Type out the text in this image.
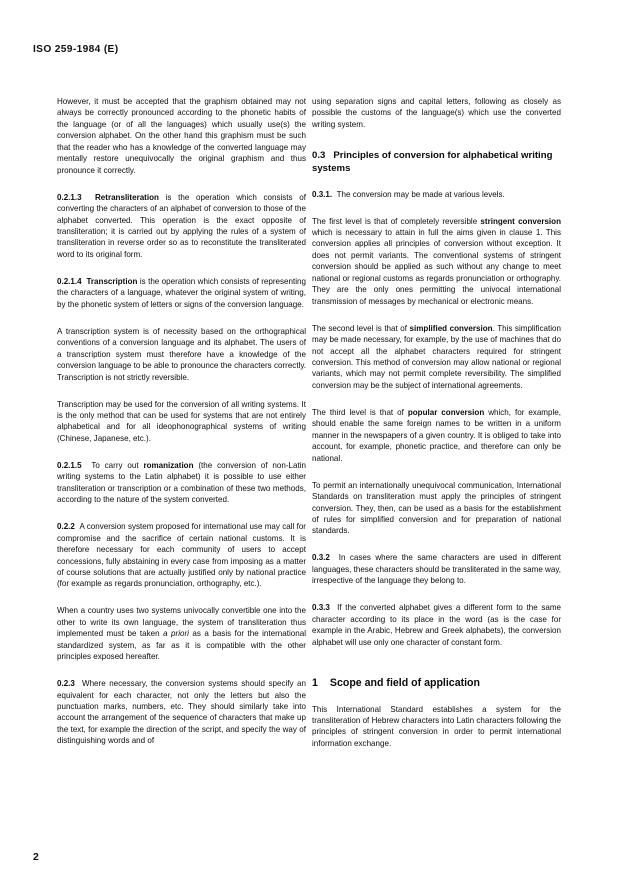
ISO 259-1984 (E)

However, it must be accepted that the graphism obtained may not always be correctly pronounced according to the phonetic habits of the language (or of all the languages) which usually use(s) the conversion alphabet. On the other hand this graphism must be such that the reader who has a knowledge of the converted language may mentally restore unequivocally the original graphism and thus pronounce it correctly.

0.2.1.3 Retransliteration is the operation which consists of converting the characters of an alphabet of conversion to those of the alphabet converted. This operation is the exact opposite of transliteration; it is carried out by applying the rules of a system of transliteration in reverse order so as to reconstitute the transliterated word to its original form.

0.2.1.4 Transcription is the operation which consists of representing the characters of a language, whatever the original system of writing, by the phonetic system of letters or signs of the conversion language.

A transcription system is of necessity based on the orthographical conventions of a conversion language and its alphabet. The users of a transcription system must therefore have a knowledge of the conversion language to be able to pronounce the characters correctly. Transcription is not strictly reversible.

Transcription may be used for the conversion of all writing systems. It is the only method that can be used for systems that are not entirely alphabetical and for all ideophonographical systems of writing (Chinese, Japanese, etc.).

0.2.1.5 To carry out romanization (the conversion of non-Latin writing systems to the Latin alphabet) it is possible to use either transliteration or transcription or a combination of these two methods, according to the nature of the system converted.

0.2.2 A conversion system proposed for international use may call for compromise and the sacrifice of certain national customs. It is therefore necessary for each community of users to accept concessions, fully abstaining in every case from imposing as a matter of course solutions that are actually justified only by national practice (for example as regards pronunciation, orthography, etc.).

When a country uses two systems univocally convertible one into the other to write its own language, the system of transliteration thus implemented must be taken a priori as a basis for the international standardized system, as far as it is compatible with the other principles exposed hereafter.

0.2.3 Where necessary, the conversion systems should specify an equivalent for each character, not only the letters but also the punctuation marks, numbers, etc. They should similarly take into account the arrangement of the sequence of characters that make up the text, for example the direction of the script, and specify the way of distinguishing words and of

using separation signs and capital letters, following as closely as possible the customs of the language(s) which use the converted writing system.

0.3 Principles of conversion for alphabetical writing systems

0.3.1. The conversion may be made at various levels.

The first level is that of completely reversible stringent conversion which is necessary to attain in full the aims given in clause 1. This conversion applies all principles of conversion without exception. It does not permit variants. The conventional systems of stringent conversion should be applied as such without any change to meet national or regional customs as regards pronunciation or orthography. They are the only ones permitting the univocal international transmission of messages by mechanical or electronic means.

The second level is that of simplified conversion. This simplification may be made necessary, for example, by the use of machines that do not accept all the alphabet characters required for stringent conversion. This method of conversion may allow national or regional variants, which may not permit complete reversibility. The simplified conversion may be the subject of international agreements.

The third level is that of popular conversion which, for example, should enable the same foreign names to be written in a uniform manner in the newspapers of a given country. It is obliged to take into account, for example, phonetic practice, and therefore can only be national.

To permit an internationally unequivocal communication, International Standards on transliteration must apply the principles of stringent conversion. They, then, can be used as a basis for the establishment of rules for simplified conversion and for preparation of national standards.

0.3.2 In cases where the same characters are used in different languages, these characters should be transliterated in the same way, irrespective of the language they belong to.

0.3.3 If the converted alphabet gives a different form to the same character according to its place in the word (as is the case for example in the Arabic, Hebrew and Greek alphabets), the conversion alphabet will use only one character of constant form.

1 Scope and field of application

This International Standard establishes a system for the transliteration of Hebrew characters into Latin characters following the principles of stringent conversion in order to permit international information exchange.

2
